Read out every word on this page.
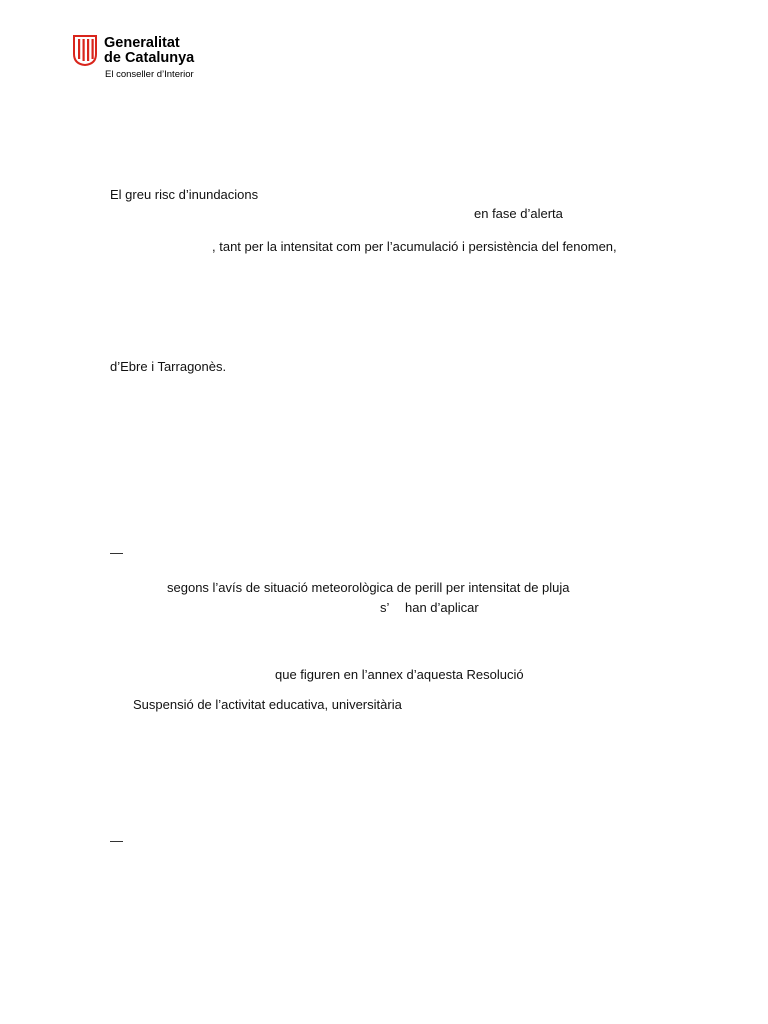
Generalitat
de Catalunya
El conseller d’Interior
El greu risc d’inundacions
en fase d’alerta
, tant per la intensitat com per l’acumulació i persistència del fenomen,
d’Ebre i Tarragonès.
—
segons l’avís de situació meteorològica de perill per intensitat de pluja
s’ han d’aplicar
que figuren en l’annex d’aquesta Resolució
Suspensió de l’activitat educativa, universitària
—
